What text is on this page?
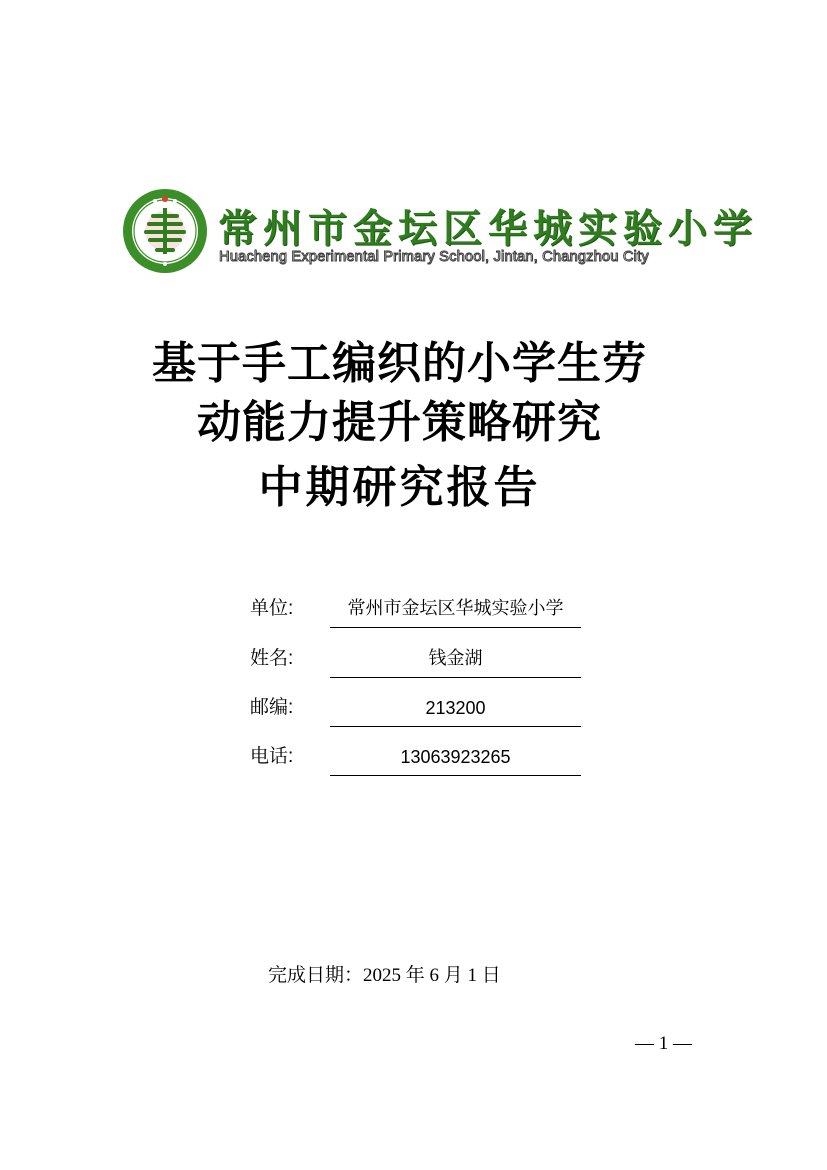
常州市金坛区华城实验小学
Huacheng Experimental Primary School, Jintan, Changzhou City
基于手工编织的小学生劳
动能力提升策略研究
中期研究报告
单位:	常州市金坛区华城实验小学
姓名:	钱金湖
邮编:	213200
电话:	13063923265
完成日期：2025 年 6 月 1 日
— 1 —
